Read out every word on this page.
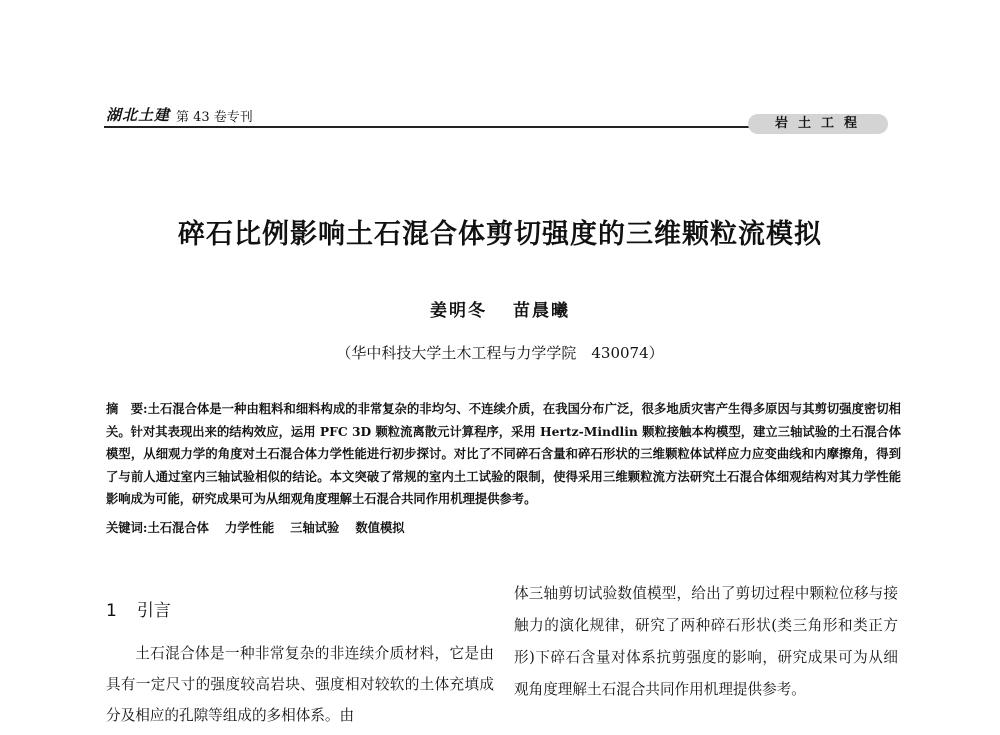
湖北土建 第 43 卷专刊	岩土工程
碎石比例影响土石混合体剪切强度的三维颗粒流模拟
姜明冬 苗晨曦
（华中科技大学土木工程与力学学院　430074）
摘　要:土石混合体是一种由粗料和细料构成的非常复杂的非均匀、不连续介质，在我国分布广泛，很多地质灾害产生得多原因与其剪切强度密切相关。针对其表现出来的结构效应，运用 PFC 3D 颗粒流离散元计算程序，采用 Hertz-Mindlin 颗粒接触本构模型，建立三轴试验的土石混合体模型，从细观力学的角度对土石混合体力学性能进行初步探讨。对比了不同碎石含量和碎石形状的三维颗粒体试样应力应变曲线和内摩擦角，得到了与前人通过室内三轴试验相似的结论。本文突破了常规的室内土工试验的限制，使得采用三维颗粒流方法研究土石混合体细观结构对其力学性能影响成为可能，研究成果可为从细观角度理解土石混合共同作用机理提供参考。
关键词:土石混合体 力学性能 三轴试验 数值模拟
1 引言

土石混合体是一种非常复杂的非连续介质材料，它是由具有一定尺寸的强度较高岩块、强度相对较软的土体充填成分及相应的孔隙等组成的多相体系。由

体三轴剪切试验数值模型，给出了剪切过程中颗粒位移与接触力的演化规律，研究了两种碎石形状(类三角形和类正方形)下碎石含量对体系抗剪强度的影响，研究成果可为从细观角度理解土石混合共同作用机理提供参考。
